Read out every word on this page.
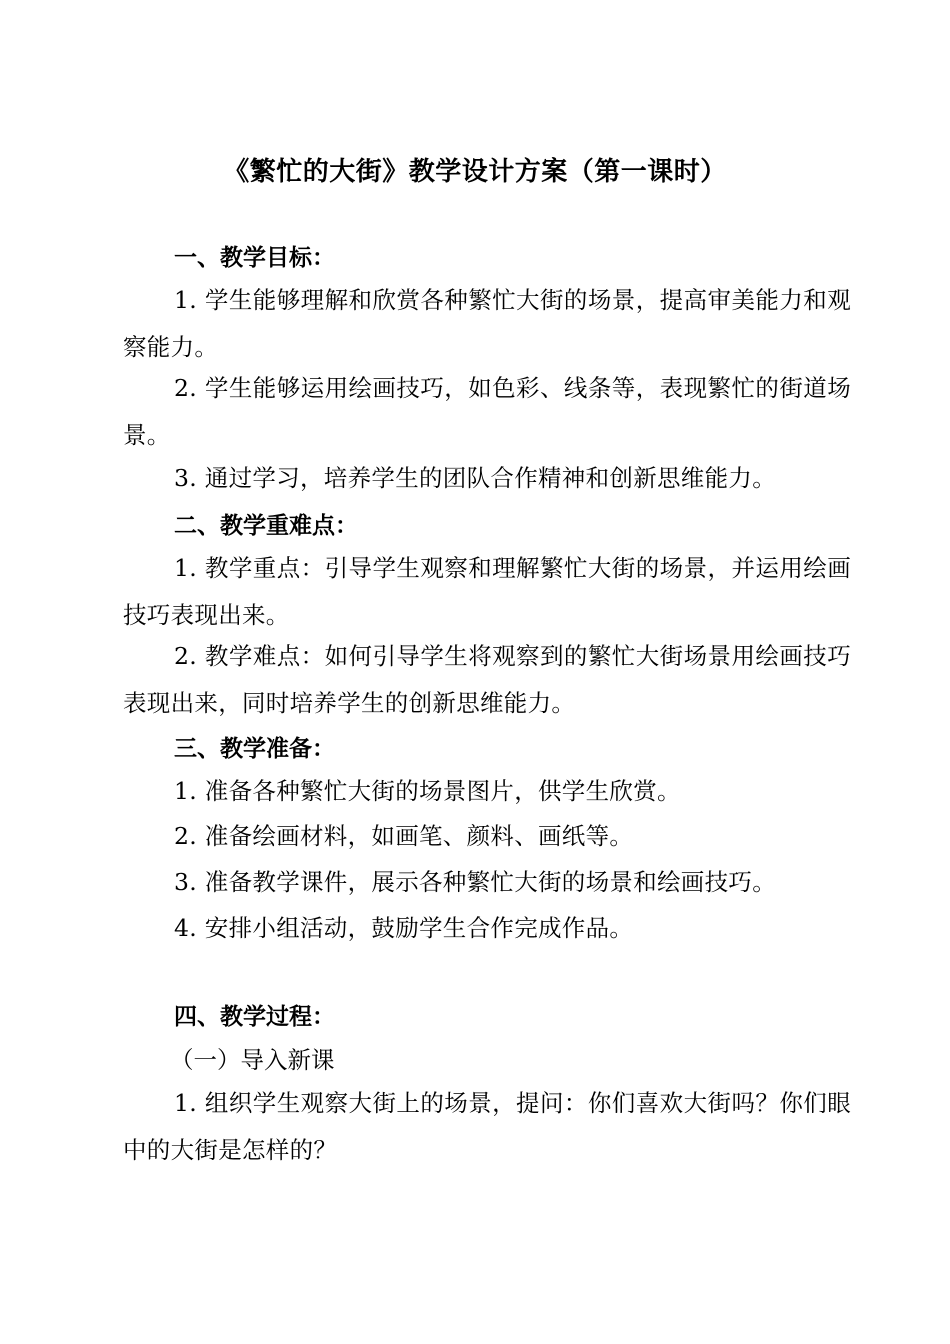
《繁忙的大街》教学设计方案（第一课时）
一、教学目标：
1. 学生能够理解和欣赏各种繁忙大街的场景，提高审美能力和观察能力。
2. 学生能够运用绘画技巧，如色彩、线条等，表现繁忙的街道场景。
3. 通过学习，培养学生的团队合作精神和创新思维能力。
二、教学重难点：
1. 教学重点：引导学生观察和理解繁忙大街的场景，并运用绘画技巧表现出来。
2. 教学难点：如何引导学生将观察到的繁忙大街场景用绘画技巧表现出来，同时培养学生的创新思维能力。
三、教学准备：
1. 准备各种繁忙大街的场景图片，供学生欣赏。
2. 准备绘画材料，如画笔、颜料、画纸等。
3. 准备教学课件，展示各种繁忙大街的场景和绘画技巧。
4. 安排小组活动，鼓励学生合作完成作品。
四、教学过程：
（一）导入新课
1. 组织学生观察大街上的场景，提问：你们喜欢大街吗？你们眼中的大街是怎样的？
